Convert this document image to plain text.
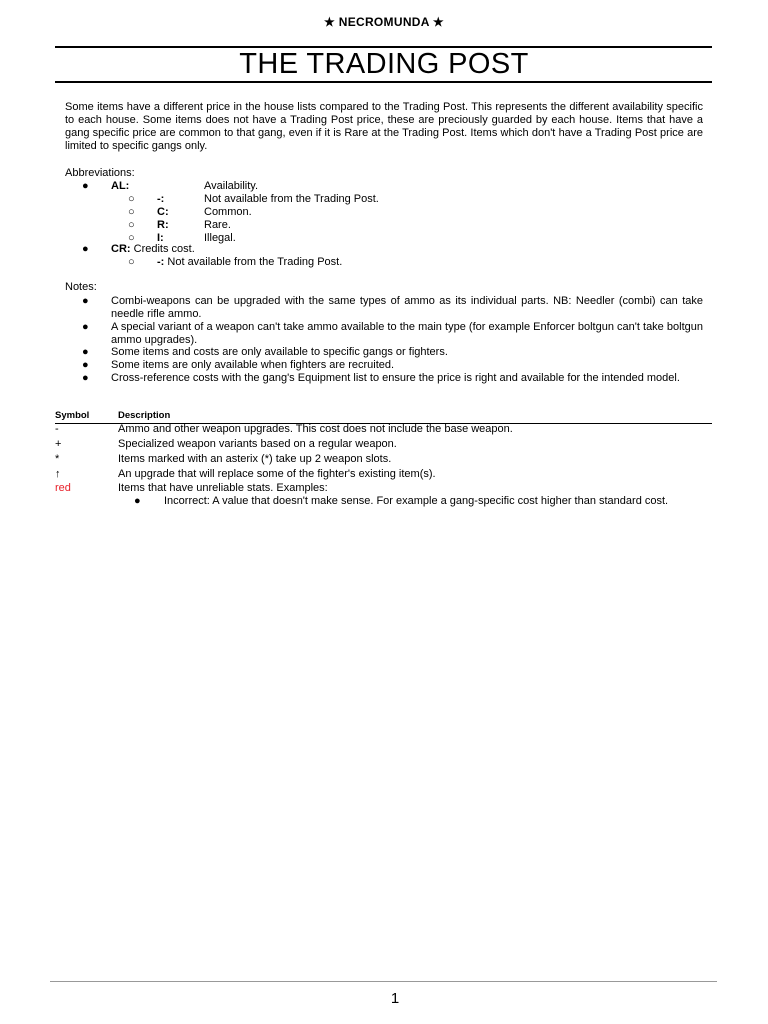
★ NECROMUNDA ★
THE TRADING POST
Some items have a different price in the house lists compared to the Trading Post. This represents the different availability specific to each house. Some items does not have a Trading Post price, these are preciously guarded by each house. Items that have a gang specific price are common to that gang, even if it is Rare at the Trading Post. Items which don't have a Trading Post price are limited to specific gangs only.
Abbreviations:
● AL:	Availability.
○ -:	Not available from the Trading Post.
○ C:	Common.
○ R:	Rare.
○ I:	Illegal.
● CR: Credits cost.
○ -: Not available from the Trading Post.
Notes:
● Combi-weapons can be upgraded with the same types of ammo as its individual parts. NB: Needler (combi) can take needle rifle ammo.
● A special variant of a weapon can't take ammo available to the main type (for example Enforcer boltgun can't take boltgun ammo upgrades).
● Some items and costs are only available to specific gangs or fighters.
● Some items are only available when fighters are recruited.
● Cross-reference costs with the gang's Equipment list to ensure the price is right and available for the intended model.
Symbol	Description
-	Ammo and other weapon upgrades. This cost does not include the base weapon.
+	Specialized weapon variants based on a regular weapon.
*	Items marked with an asterix (*) take up 2 weapon slots.
↑	An upgrade that will replace some of the fighter's existing item(s).
red	Items that have unreliable stats. Examples:
● Incorrect: A value that doesn't make sense. For example a gang-specific cost higher than standard cost.
1
